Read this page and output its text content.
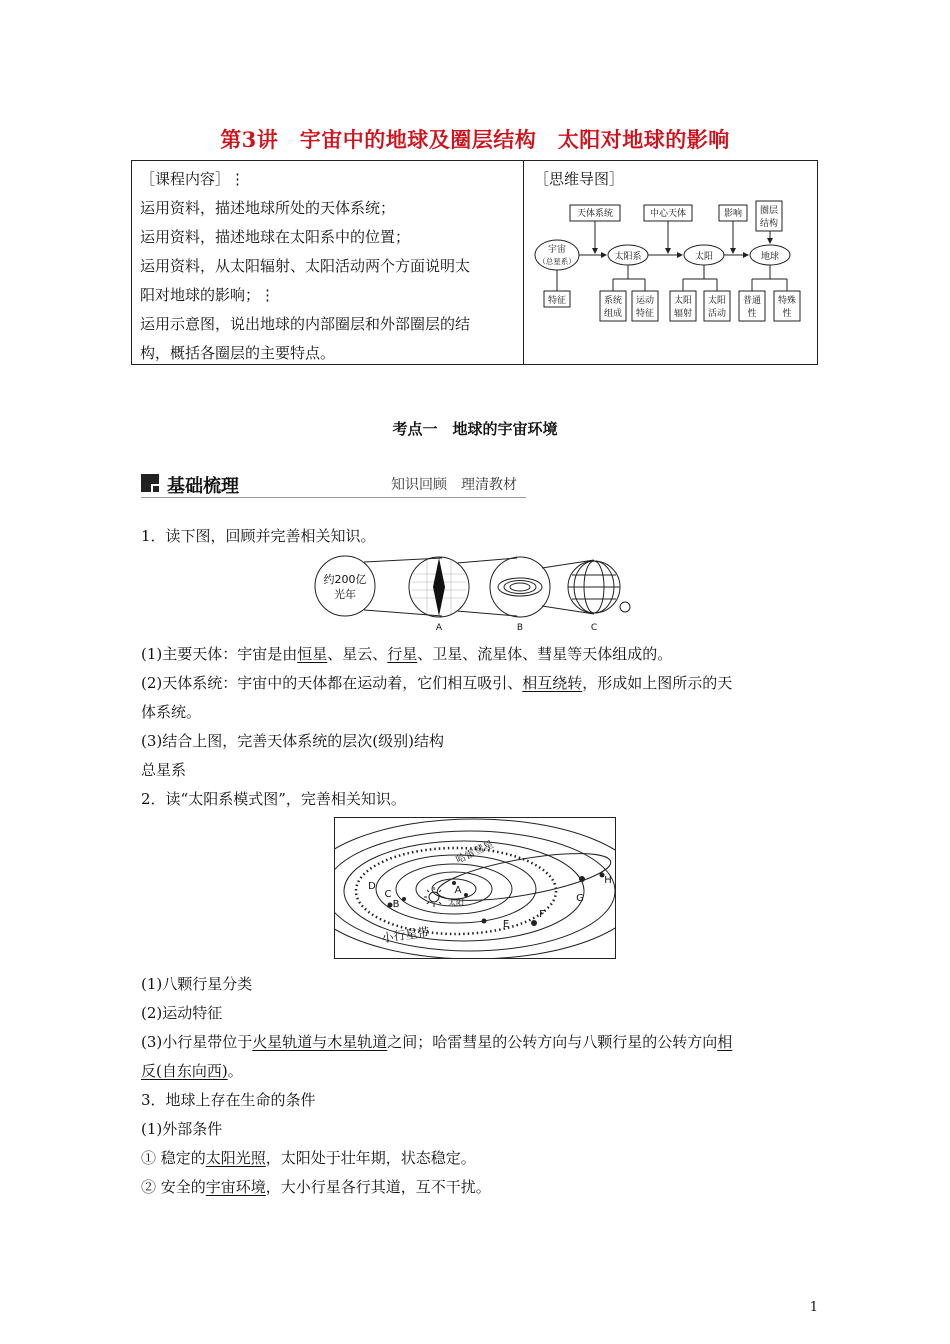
第3讲　宇宙中的地球及圈层结构　太阳对地球的影响
［课程内容］⋮
运用资料，描述地球所处的天体系统；
运用资料，描述地球在太阳系中的位置；
运用资料，从太阳辐射、太阳活动两个方面说明太
阳对地球的影响；⋮
运用示意图，说出地球的内部圈层和外部圈层的结
构，概括各圈层的主要特点。
［思维导图］
天体系统	中心天体	影响 圈层
结构
宇宙
（总星系）	太阳系	太阳	地球
特征	系统
组成
运动
特征
太阳
辐射
太阳
活动
普通
性
特殊
性
考点一　地球的宇宙环境
基础梳理	知识回顾　理清教材
1．读下图，回顾并完善相关知识。
约200亿
光年
A	B	C
(1)主要天体：宇宙是由恒星、星云、行星、卫星、流星体、彗星等天体组成的。
(2)天体系统：宇宙中的天体都在运动着，它们相互吸引、相互绕转，形成如上图所示的天
体系统。
(3)结合上图，完善天体系统的层次(级别)结构
总星系
2．读“太阳系模式图”，完善相关知识。
哈雷彗星
太阳
小行星带
A
B
C
D
E
F
G
H
(1)八颗行星分类
(2)运动特征
(3)小行星带位于火星轨道与木星轨道之间；哈雷彗星的公转方向与八颗行星的公转方向相
反(自东向西)。
3．地球上存在生命的条件
(1)外部条件
① 稳定的太阳光照，太阳处于壮年期，状态稳定。
② 安全的宇宙环境，大小行星各行其道，互不干扰。
1
